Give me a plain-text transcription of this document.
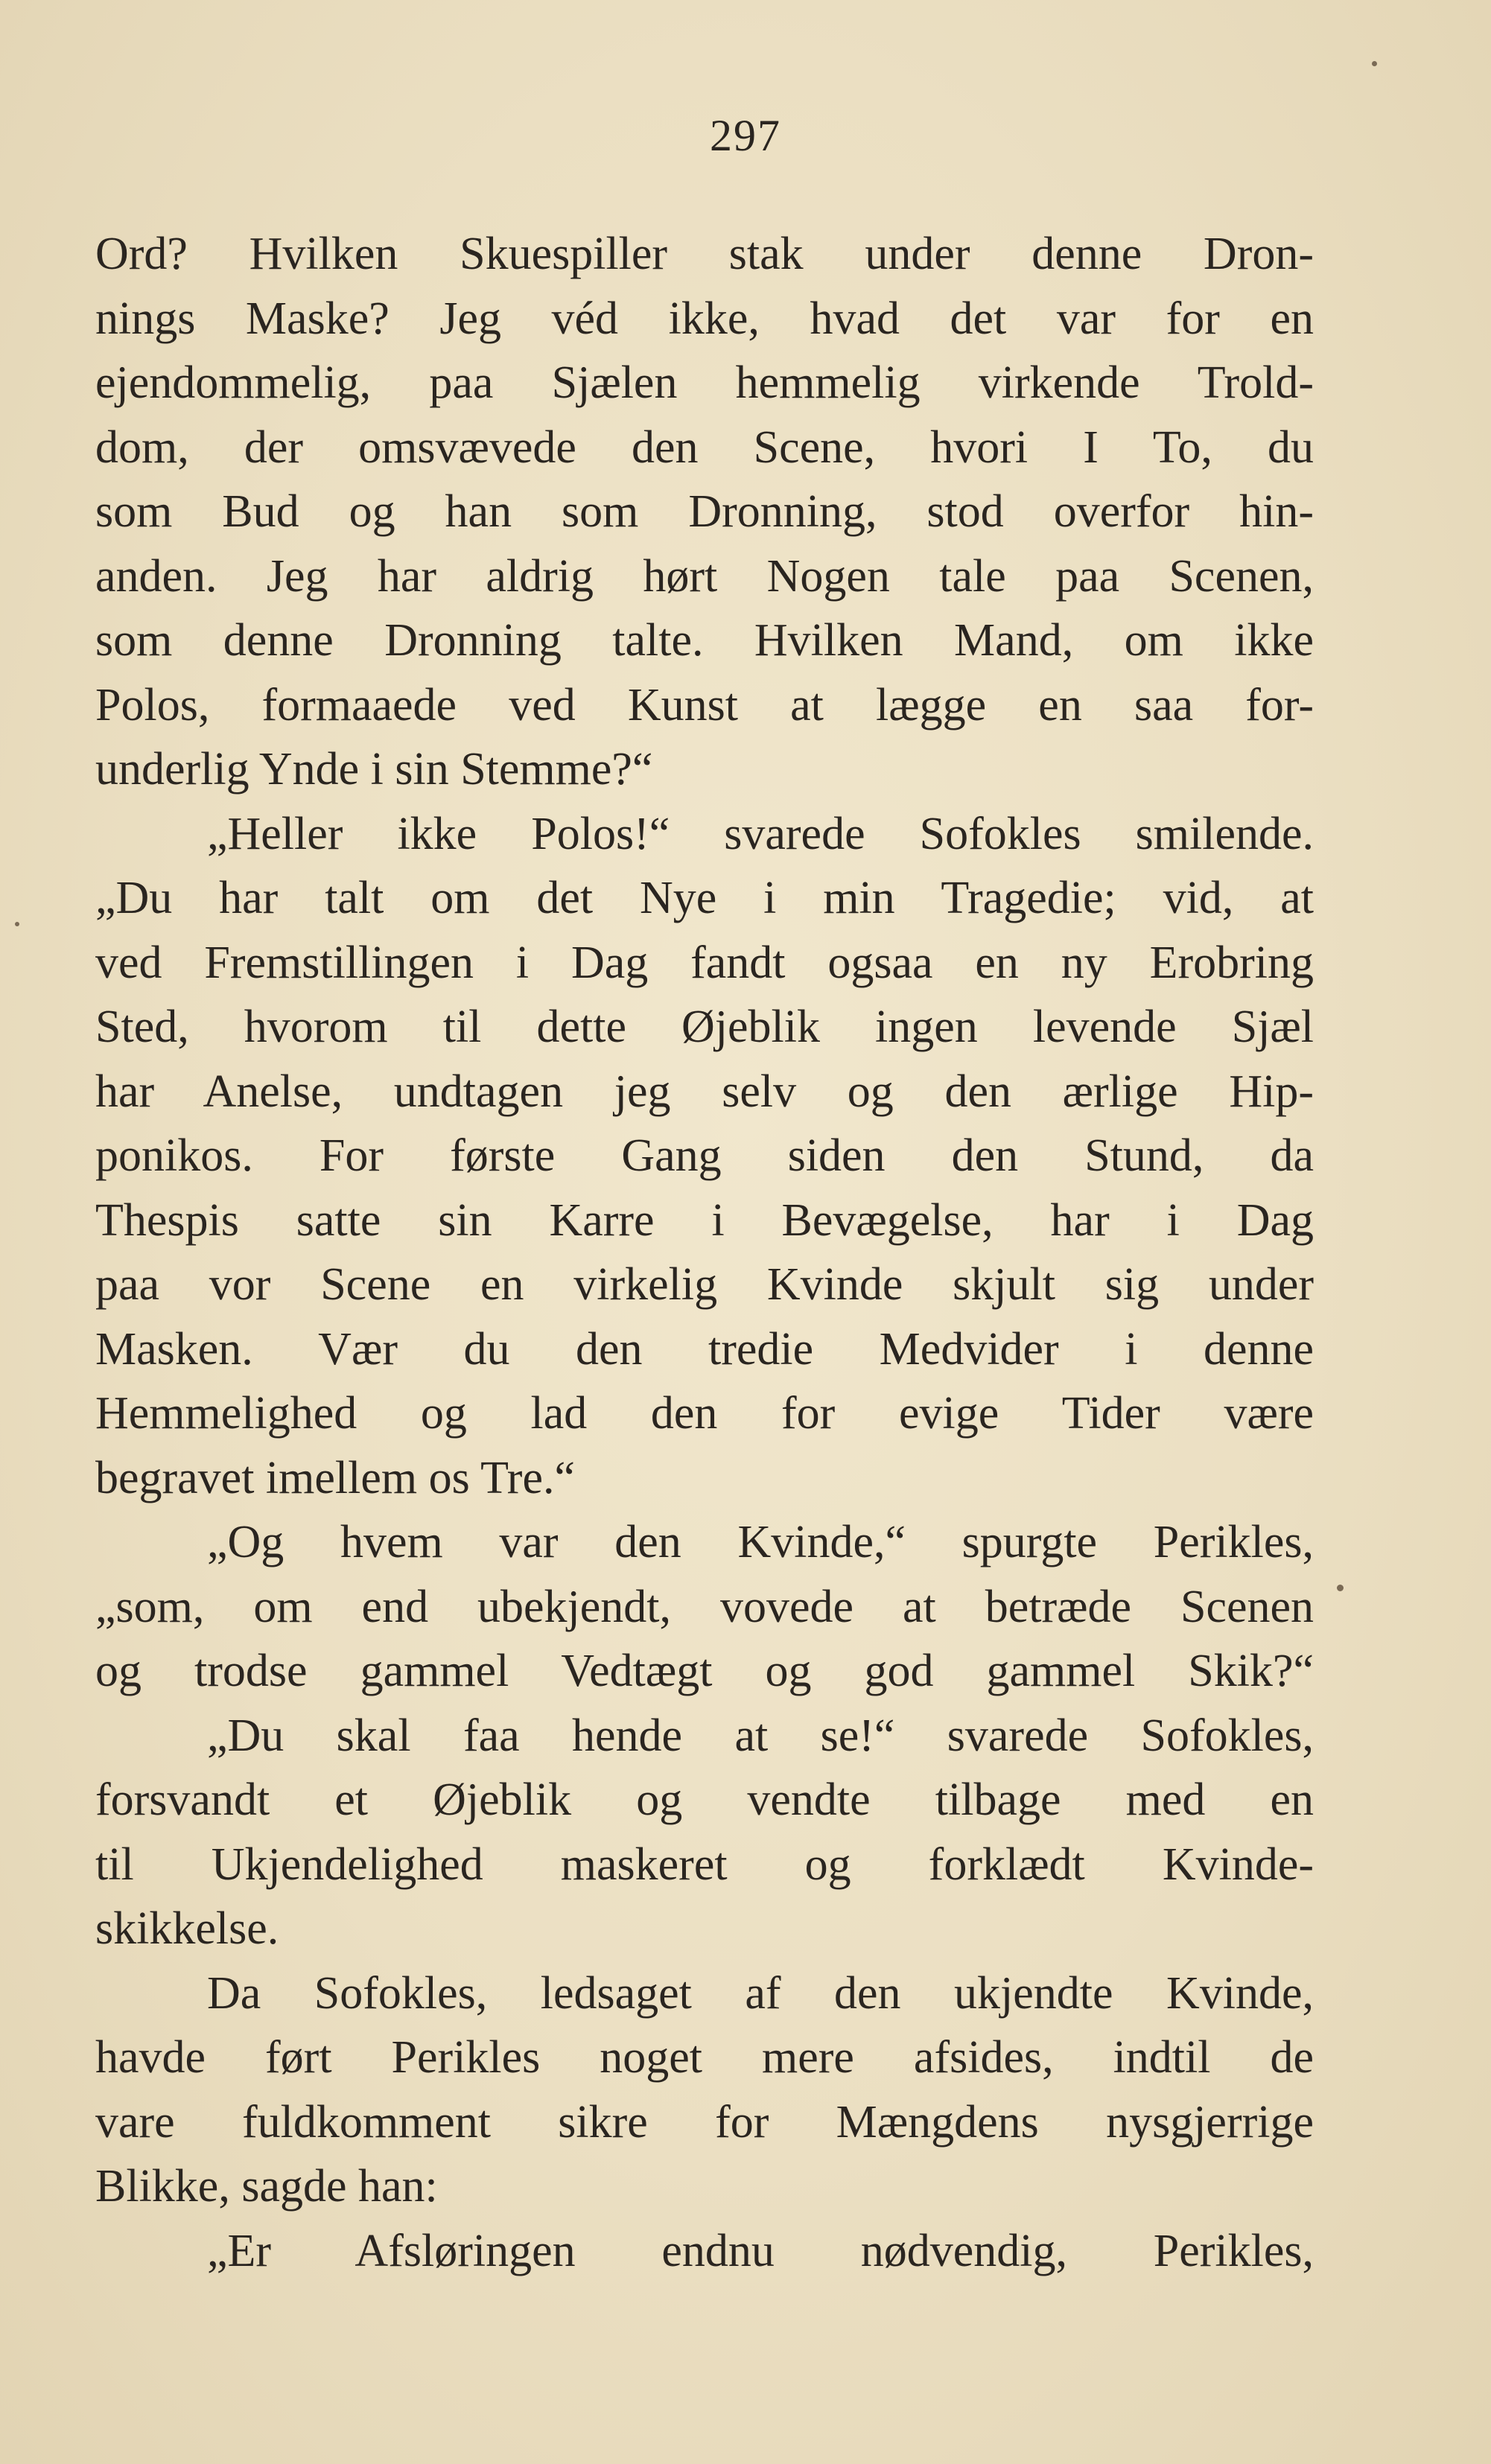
297
Ord? Hvilken Skuespiller stak under denne Dron-
nings Maske? Jeg véd ikke, hvad det var for en
ejendommelig, paa Sjælen hemmelig virkende Trold-
dom, der omsvævede den Scene, hvori I To, du
som Bud og han som Dronning, stod overfor hin-
anden. Jeg har aldrig hørt Nogen tale paa Scenen,
som denne Dronning talte. Hvilken Mand, om ikke
Polos, formaaede ved Kunst at lægge en saa for-
underlig Ynde i sin Stemme?“
„Heller ikke Polos!“ svarede Sofokles smilende.
„Du har talt om det Nye i min Tragedie; vid, at
ved Fremstillingen i Dag fandt ogsaa en ny Erobring
Sted, hvorom til dette Øjeblik ingen levende Sjæl
har Anelse, undtagen jeg selv og den ærlige Hip-
ponikos. For første Gang siden den Stund, da
Thespis satte sin Karre i Bevægelse, har i Dag
paa vor Scene en virkelig Kvinde skjult sig under
Masken. Vær du den tredie Medvider i denne
Hemmelighed og lad den for evige Tider være
begravet imellem os Tre.“
„Og hvem var den Kvinde,“ spurgte Perikles,
„som, om end ubekjendt, vovede at betræde Scenen
og trodse gammel Vedtægt og god gammel Skik?“
„Du skal faa hende at se!“ svarede Sofokles,
forsvandt et Øjeblik og vendte tilbage med en
til Ukjendelighed maskeret og forklædt Kvinde-
skikkelse.
Da Sofokles, ledsaget af den ukjendte Kvinde,
havde ført Perikles noget mere afsides, indtil de
vare fuldkomment sikre for Mængdens nysgjerrige
Blikke, sagde han:
„Er Afsløringen endnu nødvendig, Perikles,
